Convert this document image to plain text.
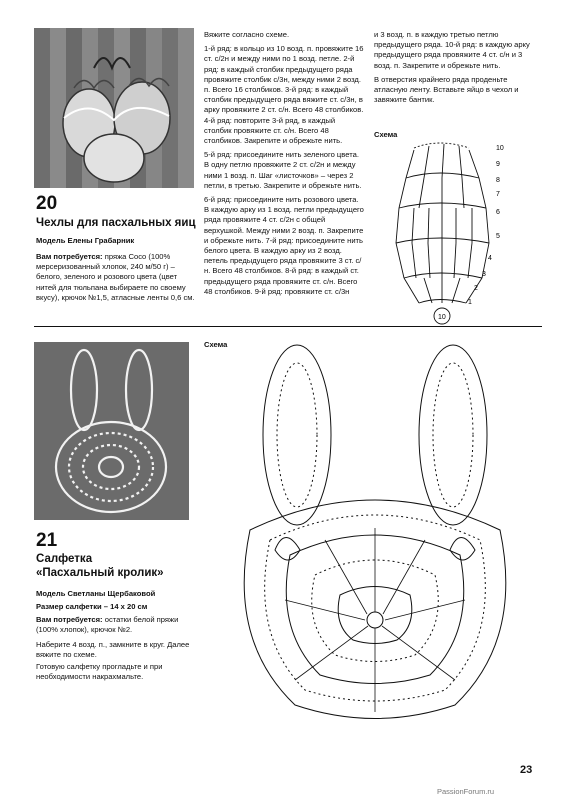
20
Чехлы для пасхальных яиц
Модель Елены Грабарник
Вам потребуется: пряжа Coco (100% мерсеризованный хлопок, 240 м/50 г) – белого, зеленого и розового цвета (цвет нитей для тюльпана выбираете по своему вкусу), крючок №1,5, атласные ленты 0,6 см.
Вяжите согласно схеме.
1-й ряд: в кольцо из 10 возд. п. провяжите 16 ст. с/2н и между ними по 1 возд. петле. 2-й ряд: в каждый столбик предыдущего ряда провяжите столбик с/3н, между ними 2 возд. п. Всего 16 столбиков. 3-й ряд: в каждый столбик предыдущего ряда вяжите ст. с/3н, в арку провяжите 2 ст. с/н. Всего 48 столбиков. 4-й ряд: повторите 3-й ряд, в каждый столбик провяжите ст. с/н. Всего 48 столбиков. Закрепите и обрежьте нить.
5-й ряд: присоедините нить зеленого цвета. В одну петлю провяжите 2 ст. с/2н и между ними 1 возд. п. Шаг «листочков» – через 2 петли, в третью. Закрепите и обрежьте нить.
6-й ряд: присоедините нить розового цвета. В каждую арку из 1 возд. петли предыдущего ряда провяжите 4 ст. с/2н с общей верхушкой. Между ними 2 возд. п. Закрепите и обрежьте нить. 7-й ряд: присоедините нить белого цвета. В каждую арку из 2 возд. петель предыдущего ряда провяжите 3 ст. с/н. Всего 48 столбиков. 8-й ряд: в каждый ст. предыдущего ряда провяжите ст. с/н. Всего 48 столбиков. 9-й ряд: провяжите ст. с/3н
и 3 возд. п. в каждую третью петлю предыдущего ряда. 10-й ряд: в каждую арку предыдущего ряда провяжите 4 ст. с/н и 3 возд. п. Закрепите и обрежьте нить.
В отверстия крайнего ряда проденьте атласную ленту. Вставьте яйцо в чехол и завяжите бантик.
Схема
10
10
9
8
7
6
5
4
3
2
1
21
Салфетка
«Пасхальный кролик»
Модель Светланы Щербаковой
Размер салфетки – 14 x 20 см
Вам потребуется: остатки белой пряжи (100% хлопок), крючок №2.
Наберите 4 возд. п., замкните в круг. Далее вяжите по схеме.
Готовую салфетку прогладьте и при необходимости накрахмальте.
Схема
23
PassionForum.ru
